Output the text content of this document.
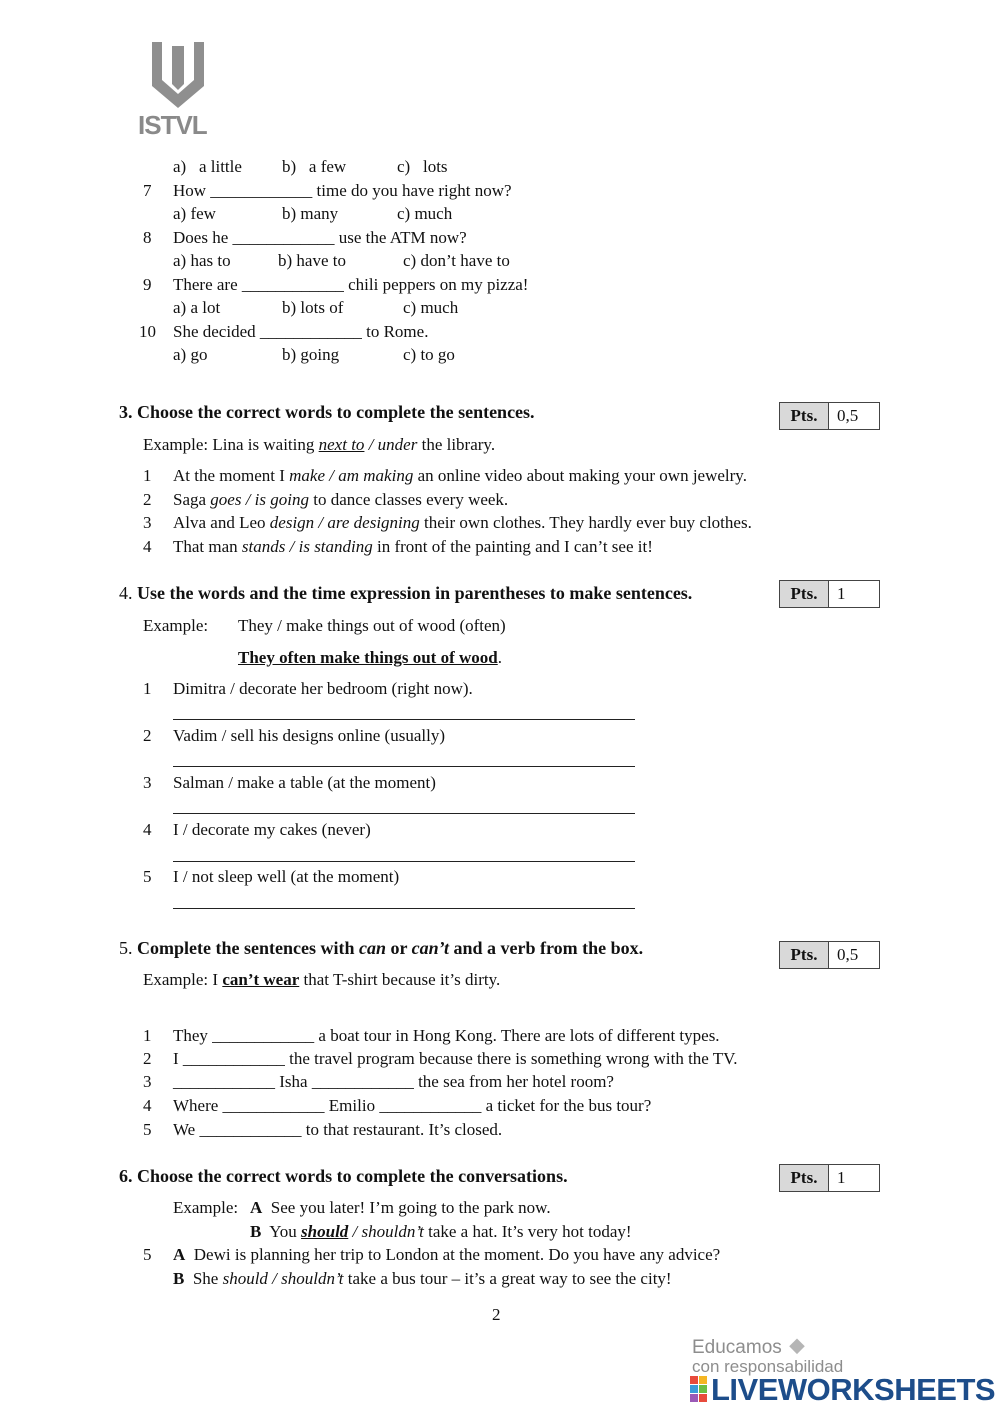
ISTVL
a) a little b) a few	c) lots
7 How ____________ time do you have right now?
a) few	b) many	c) much
8 Does he ____________ use the ATM now?
a) has to	b) have to	c) don’t have to
9 There are ____________ chili peppers on my pizza!
a) a lot	b) lots of	c) much
10 She decided ____________ to Rome.
a) go	b) going	c) to go
3. Choose the correct words to complete the sentences.	Pts.	0,5
Example: Lina is waiting next to / under the library.
1 At the moment I make / am making an online video about making your own jewelry.
2 Saga goes / is going to dance classes every week.
3 Alva and Leo design / are designing their own clothes. They hardly ever buy clothes.
4 That man stands / is standing in front of the painting and I can’t see it!
4. Use the words and the time expression in parentheses to make sentences.	Pts.	1
Example: They / make things out of wood (often)
They often make things out of wood.
1 Dimitra / decorate her bedroom (right now).
2 Vadim / sell his designs online (usually)
3 Salman / make a table (at the moment)
4 I / decorate my cakes (never)
5 I / not sleep well (at the moment)
5. Complete the sentences with can or can’t and a verb from the box.	Pts.	0,5
Example: I can’t wear that T-shirt because it’s dirty.
1 They ____________ a boat tour in Hong Kong. There are lots of different types.
2 I ____________ the travel program because there is something wrong with the TV.
3 ____________ Isha ____________ the sea from her hotel room?
4 Where ____________ Emilio ____________ a ticket for the bus tour?
5 We ____________ to that restaurant. It’s closed.
6. Choose the correct words to complete the conversations.	Pts.	1
Example: A See you later! I’m going to the park now.
B You should / shouldn’t take a hat. It’s very hot today!
5 A Dewi is planning her trip to London at the moment. Do you have any advice?
B She should / shouldn’t take a bus tour – it’s a great way to see the city!
2
Educamos
con responsabilidad
LIVEWORKSHEETS
